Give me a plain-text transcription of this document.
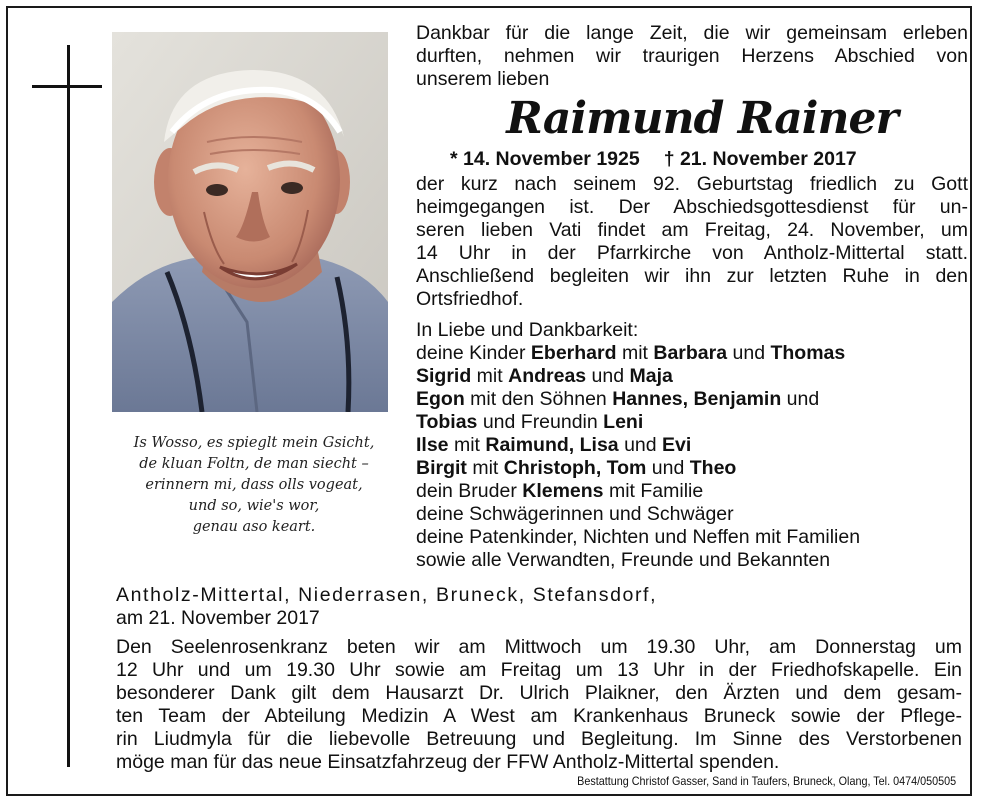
Is Wosso, es spieglt mein Gsicht,
de kluan Foltn, de man siecht –
erinnern mi, dass olls vogeat,
und so, wie's wor,
genau aso keart.
Dankbar für die lange Zeit, die wir gemeinsam erleben
durften, nehmen wir traurigen Herzens Abschied von
unserem lieben
Raimund Rainer
* 14. November 1925 † 21. November 2017
der kurz nach seinem 92. Geburtstag friedlich zu Gott
heimgegangen ist. Der Abschiedsgottesdienst für un-
seren lieben Vati findet am Freitag, 24. November, um
14 Uhr in der Pfarrkirche von Antholz-Mittertal statt.
Anschließend begleiten wir ihn zur letzten Ruhe in den
Ortsfriedhof.
In Liebe und Dankbarkeit:
deine Kinder Eberhard mit Barbara und Thomas
Sigrid mit Andreas und Maja
Egon mit den Söhnen Hannes, Benjamin und
Tobias und Freundin Leni
Ilse mit Raimund, Lisa und Evi
Birgit mit Christoph, Tom und Theo
dein Bruder Klemens mit Familie
deine Schwägerinnen und Schwäger
deine Patenkinder, Nichten und Neffen mit Familien
sowie alle Verwandten, Freunde und Bekannten
Antholz-Mittertal, Niederrasen, Bruneck, Stefansdorf,
am 21. November 2017
Den Seelenrosenkranz beten wir am Mittwoch um 19.30 Uhr, am Donnerstag um
12 Uhr und um 19.30 Uhr sowie am Freitag um 13 Uhr in der Friedhofskapelle. Ein
besonderer Dank gilt dem Hausarzt Dr. Ulrich Plaikner, den Ärzten und dem gesam-
ten Team der Abteilung Medizin A West am Krankenhaus Bruneck sowie der Pflege-
rin Liudmyla für die liebevolle Betreuung und Begleitung. Im Sinne des Verstorbenen
möge man für das neue Einsatzfahrzeug der FFW Antholz-Mittertal spenden.
Bestattung Christof Gasser, Sand in Taufers, Bruneck, Olang, Tel. 0474/050505
